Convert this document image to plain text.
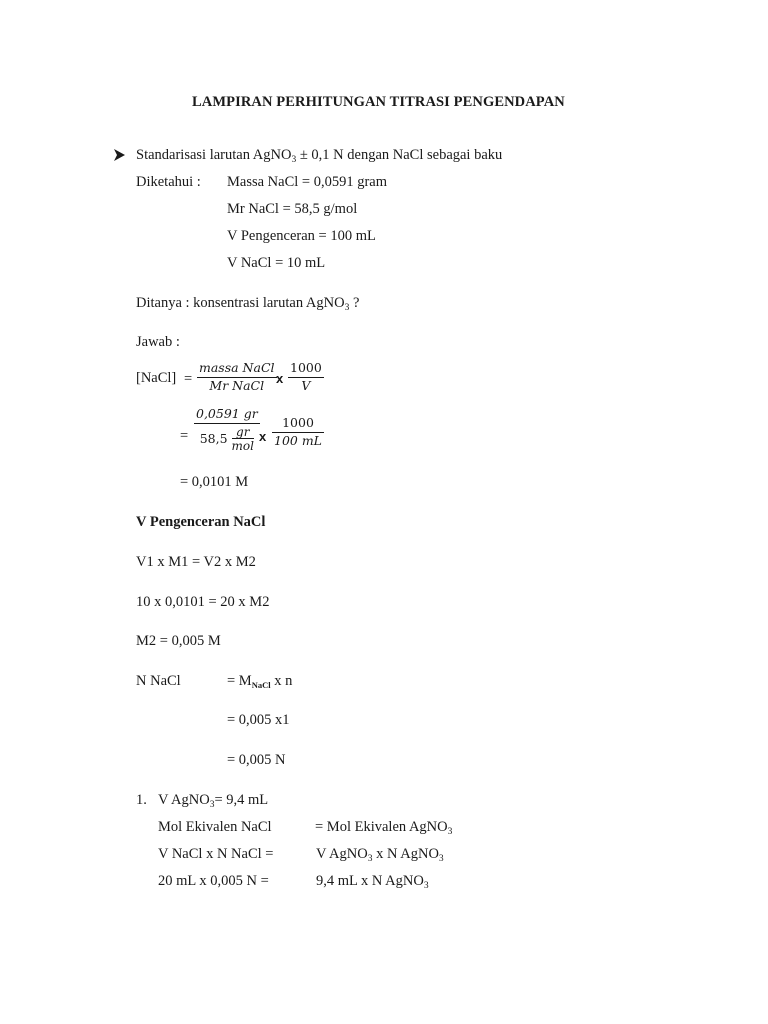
LAMPIRAN PERHITUNGAN TITRASI PENGENDAPAN
Standarisasi larutan AgNO$_3$ ± 0,1 N dengan NaCl sebagai baku
Diketahui : Massa NaCl = 0,0591 gram
Mr NaCl = 58,5 g/mol
V Pengenceran = 100 mL
V NaCl = 10 mL
Ditanya : konsentrasi larutan AgNO$_3$ ?
Jawab :
[NaCl] =
massa NaCl
Mr NaCl x $\frac{1000}{V}$
=
0,0591 gr
58,5 gr
mol
x $\frac{1000}{100 mL}$
= 0,0101 M
V Pengenceran NaCl
V1 x M1 = V2 x M2
10 x 0,0101 = 20 x M2
M2 = 0,005 M
N NaCl	= $M_{NaCl}$ x n
= 0,005 x1
= 0,005 N
1. V AgNO$_3$= 9,4 mL
Mol Ekivalen NaCl	= Mol Ekivalen AgNO$_3$
V NaCl x N NaCl =	V AgNO$_3$ x N AgNO$_3$
20 mL x 0,005 N =	9,4 mL x N AgNO$_3$
